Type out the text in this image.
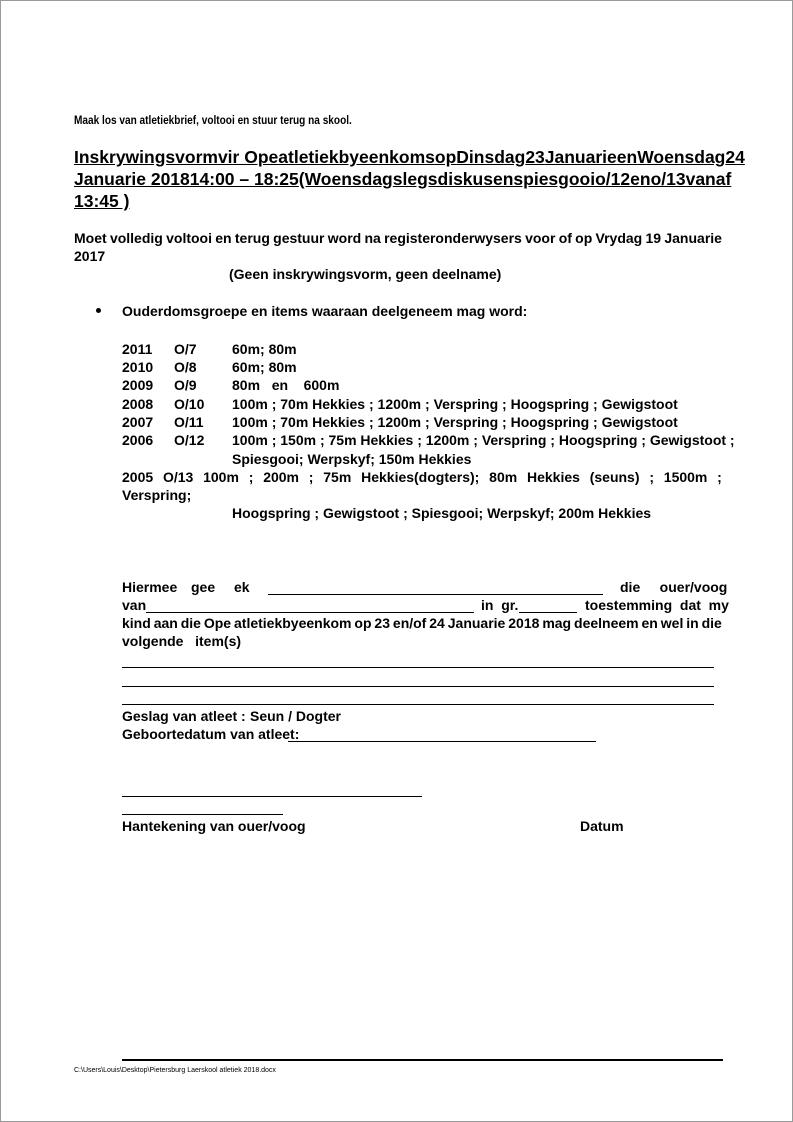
Maak los van atletiekbrief, voltooi en stuur terug na skool.
Inskrywingsvorm vir Ope atletiekbyeenkoms op Dinsdag 23 Januarie en Woensdag 24
Januarie 2018 14:00 – 18:25 (Woensdag slegs diskus en spiesgooi o/12 en o/13 vanaf
13:45 )
Moet volledig voltooi en terug gestuur word na registeronderwysers voor of op Vrydag 19 Januarie
2017
(Geen inskrywingsvorm, geen deelname)
Ouderdomsgroepe en items waaraan deelgeneem mag word:
2011 O/7	60m; 80m
2010 O/8	60m; 80m
2009 O/9	80m   en    600m
2008 O/10 100m ; 70m Hekkies ; 1200m ; Verspring ; Hoogspring ; Gewigstoot
2007 O/11 100m ; 70m Hekkies ; 1200m ; Verspring ; Hoogspring ; Gewigstoot
2006 O/12 100m ; 150m ; 75m Hekkies ; 1200m ; Verspring ; Hoogspring ; Gewigstoot ;
Spiesgooi; Werpskyf; 150m Hekkies
2005 O/13 100m ; 200m ; 75m Hekkies(dogters); 80m Hekkies (seuns) ; 1500m ;
Verspring;
Hoogspring ; Gewigstoot ; Spiesgooi; Werpskyf; 200m Hekkies
Hiermee gee ek	die     ouer/voog
van	in  gr.	toestemming  dat  my
kind aan die Ope atletiekbyeenkom op 23 en/of 24 Januarie 2018 mag deelneem en wel in die
volgende   item(s)
Geslag van atleet : Seun / Dogter
Geboortedatum van atleet:
Hantekening van ouer/voog	Datum
C:\Users\Louis\Desktop\Pietersburg Laerskool atletiek 2018.docx
